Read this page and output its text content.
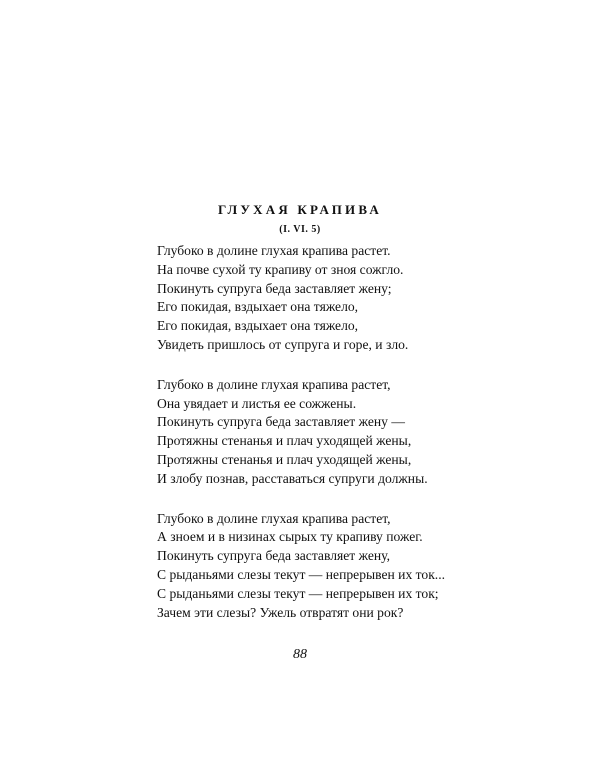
ГЛУХАЯ КРАПИВА
(I. VI. 5)
Глубоко в долине глухая крапива растет.
На почве сухой ту крапиву от зноя сожгло.
Покинуть супруга беда заставляет жену;
Его покидая, вздыхает она тяжело,
Его покидая, вздыхает она тяжело,
Увидеть пришлось от супруга и горе, и зло.
Глубоко в долине глухая крапива растет,
Она увядает и листья ее сожжены.
Покинуть супруга беда заставляет жену —
Протяжны стенанья и плач уходящей жены,
Протяжны стенанья и плач уходящей жены,
И злобу познав, расставаться супруги должны.
Глубоко в долине глухая крапива растет,
А зноем и в низинах сырых ту крапиву пожег.
Покинуть супруга беда заставляет жену,
С рыданьями слезы текут — непрерывен их ток...
С рыданьями слезы текут — непрерывен их ток;
Зачем эти слезы? Ужель отвратят они рок?
88
